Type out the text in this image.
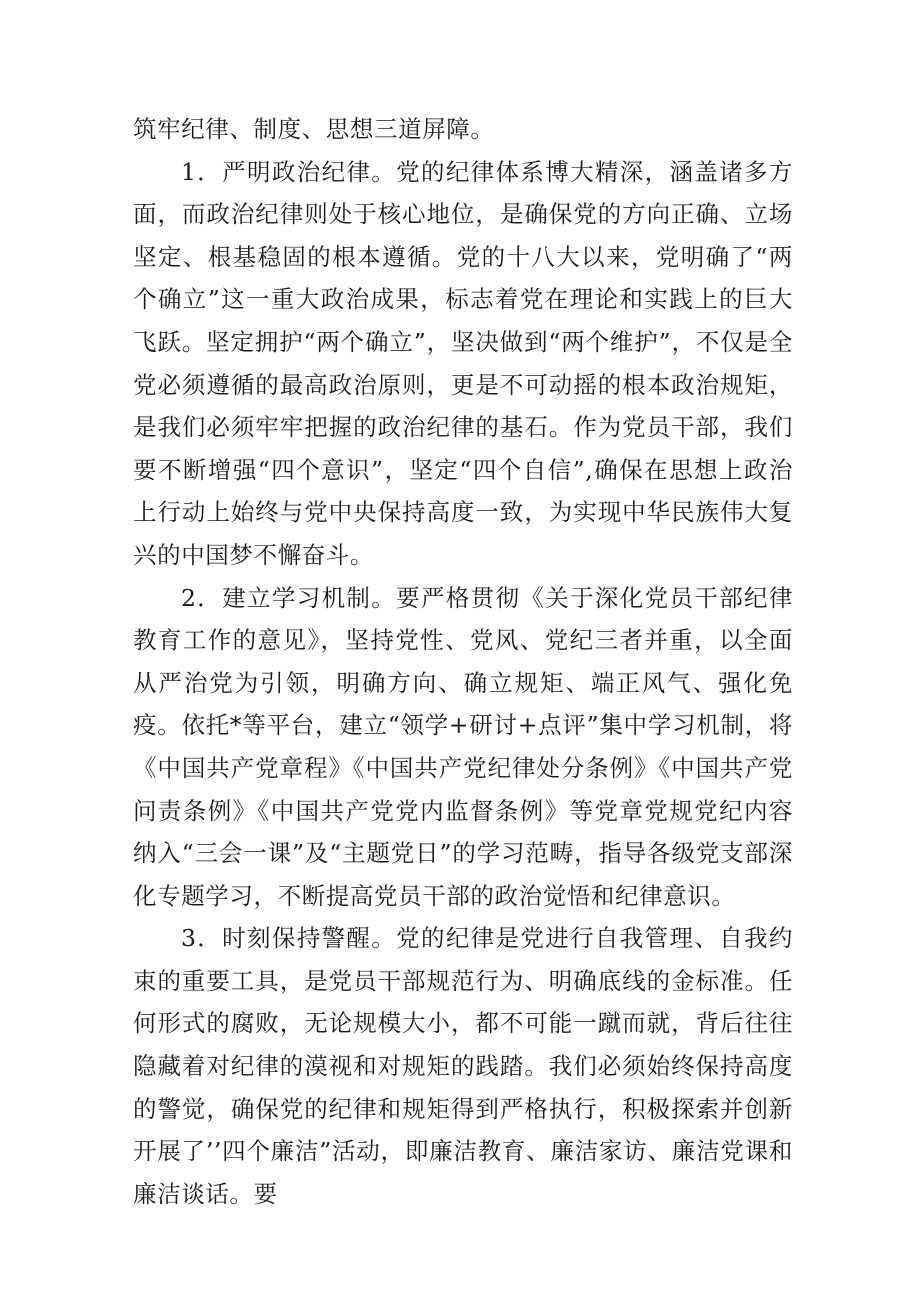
筑牢纪律、制度、思想三道屏障。

1．严明政治纪律。党的纪律体系博大精深，涵盖诸多方面，而政治纪律则处于核心地位，是确保党的方向正确、立场坚定、根基稳固的根本遵循。党的十八大以来，党明确了“两个确立”这一重大政治成果，标志着党在理论和实践上的巨大飞跃。坚定拥护“两个确立”，坚决做到“两个维护”，不仅是全党必须遵循的最高政治原则，更是不可动摇的根本政治规矩，是我们必须牢牢把握的政治纪律的基石。作为党员干部，我们要不断增强“四个意识”，坚定“四个自信”,确保在思想上政治上行动上始终与党中央保持高度一致，为实现中华民族伟大复兴的中国梦不懈奋斗。

2．建立学习机制。要严格贯彻《关于深化党员干部纪律教育工作的意见》，坚持党性、党风、党纪三者并重，以全面从严治党为引领，明确方向、确立规矩、端正风气、强化免疫。依托*等平台，建立“领学+研讨+点评”集中学习机制，将《中国共产党章程》《中国共产党纪律处分条例》《中国共产党问责条例》《中国共产党党内监督条例》等党章党规党纪内容纳入“三会一课”及“主题党日”的学习范畴，指导各级党支部深化专题学习，不断提高党员干部的政治觉悟和纪律意识。

3．时刻保持警醒。党的纪律是党进行自我管理、自我约束的重要工具，是党员干部规范行为、明确底线的金标准。任何形式的腐败，无论规模大小，都不可能一蹴而就，背后往往隐藏着对纪律的漠视和对规矩的践踏。我们必须始终保持高度的警觉，确保党的纪律和规矩得到严格执行，积极探索并创新开展了’’四个廉洁”活动，即廉洁教育、廉洁家访、廉洁党课和廉洁谈话。要
